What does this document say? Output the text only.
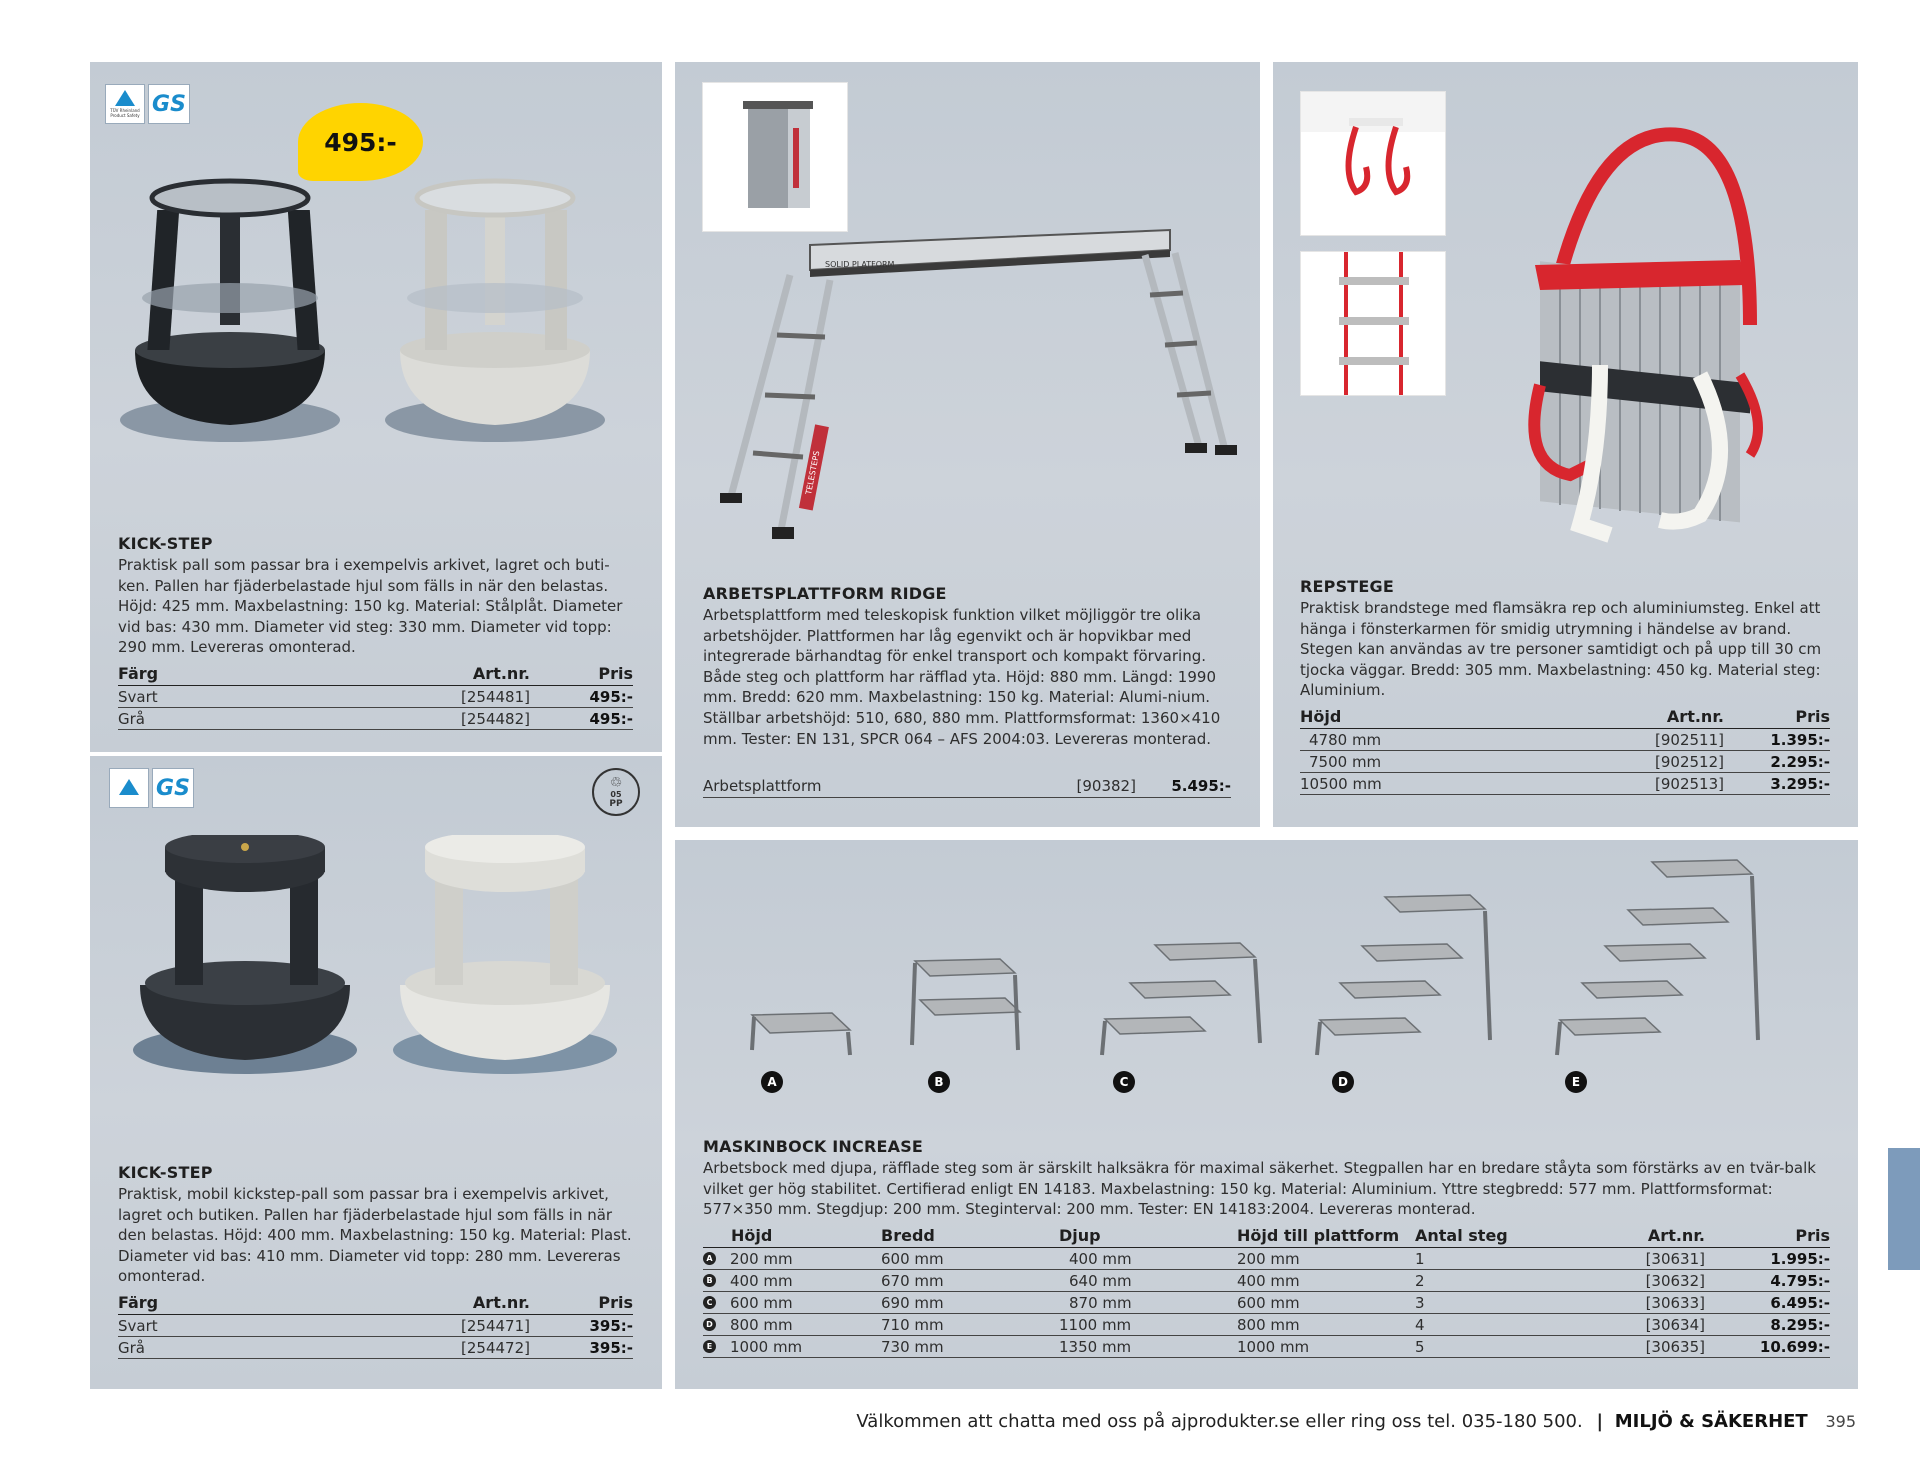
TÜV Rheinland Product Safety GS
495:-
KICK-STEP
Praktisk pall som passar bra i exempelvis arkivet, lagret och buti-ken. Pallen har fjäderbelastade hjul som fälls in när den belastas. Höjd: 425 mm. Maxbelastning: 150 kg. Material: Stålplåt. Diameter vid bas: 430 mm. Diameter vid steg: 330 mm. Diameter vid topp: 290 mm. Levereras omonterad.
Färg	Art.nr.	Pris
Svart	[254481]	495:-
Grå	[254482]	495:-
GS	♲
05
PP
KICK-STEP
Praktisk, mobil kickstep-pall som passar bra i exempelvis arkivet, lagret och butiken. Pallen har fjäderbelastade hjul som fälls in när den belastas. Höjd: 400 mm. Maxbelastning: 150 kg. Material: Plast. Diameter vid bas: 410 mm. Diameter vid topp: 280 mm. Levereras omonterad.
Färg	Art.nr.	Pris
Svart	[254471]	395:-
Grå	[254472]	395:-
SOLID PLATFORM
TELESTEPS
ARBETSPLATTFORM RIDGE
Arbetsplattform med teleskopisk funktion vilket möjliggör tre olika arbetshöjder. Plattformen har låg egenvikt och är hopvikbar med integrerade bärhandtag för enkel transport och kompakt förvaring. Både steg och plattform har räfflad yta. Höjd: 880 mm. Längd: 1990 mm. Bredd: 620 mm. Maxbelastning: 150 kg. Material: Alumi-nium. Ställbar arbetshöjd: 510, 680, 880 mm. Plattformsformat: 1360×410 mm. Tester: EN 131, SPCR 064 – AFS 2004:03. Levereras monterad.
Arbetsplattform	[90382]	5.495:-
REPSTEGE
Praktisk brandstege med flamsäkra rep och aluminiumsteg. Enkel att hänga i fönsterkarmen för smidig utrymning i händelse av brand. Stegen kan användas av tre personer samtidigt och på upp till 30 cm tjocka väggar. Bredd: 305 mm. Maxbelastning: 450 kg. Material steg: Aluminium.
Höjd	Art.nr.	Pris
4780 mm	[902511]	1.395:-
7500 mm	[902512]	2.295:-
10500 mm	[902513]	3.295:-
A	B	C	D	E
MASKINBOCK INCREASE
Arbetsbock med djupa, räfflade steg som är särskilt halksäkra för maximal säkerhet. Stegpallen har en bredare ståyta som förstärks av en tvär-balk vilket ger hög stabilitet. Certifierad enligt EN 14183. Maxbelastning: 150 kg. Material: Aluminium. Yttre stegbredd: 577 mm. Plattformsformat: 577×350 mm. Stegdjup: 200 mm. Steginterval: 200 mm. Tester: EN 14183:2004. Levereras monterad.
Höjd	Bredd	Djup	Höjd till plattform	Antal steg	Art.nr.	Pris
A 200 mm	600 mm	400 mm	200 mm	1	[30631]	1.995:-
B 400 mm	670 mm	640 mm	400 mm	2	[30632]	4.795:-
C 600 mm	690 mm	870 mm	600 mm	3	[30633]	6.495:-
D 800 mm	710 mm	1100 mm	800 mm	4	[30634]	8.295:-
E 1000 mm	730 mm	1350 mm	1000 mm	5	[30635]	10.699:-
Välkommen att chatta med oss på ajprodukter.se eller ring oss tel. 035-180 500. | MILJÖ & SÄKERHET 395
